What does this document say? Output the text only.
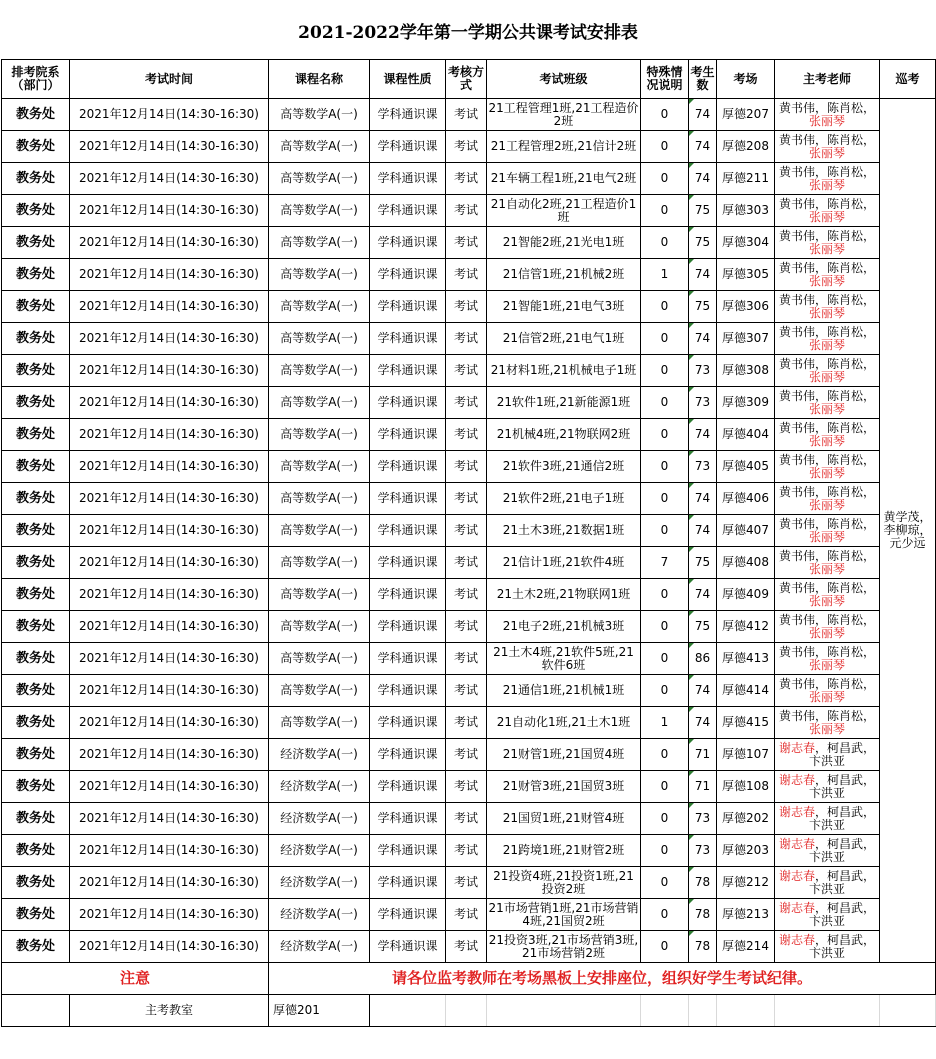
2021-2022学年第一学期公共课考试安排表
排考院系（部门）	考试时间	课程名称	课程性质	考核方式	考试班级	特殊情况说明	考生数	考场	主考老师	巡考
教务处	2021年12月14日(14:30-16:30)	高等数学A(一)	学科通识课	考试	21工程管理1班,21工程造价2班	0	74	厚德207	黄书伟，陈肖松，张丽琴	黄学茂，李柳琼，元少远
教务处	2021年12月14日(14:30-16:30)	高等数学A(一)	学科通识课	考试	21工程管理2班,21信计2班	0	74	厚德208	黄书伟，陈肖松，张丽琴	
教务处	2021年12月14日(14:30-16:30)	高等数学A(一)	学科通识课	考试	21车辆工程1班,21电气2班	0	74	厚德211	黄书伟，陈肖松，张丽琴	
教务处	2021年12月14日(14:30-16:30)	高等数学A(一)	学科通识课	考试	21自动化2班,21工程造价1班	0	75	厚德303	黄书伟，陈肖松，张丽琴	
教务处	2021年12月14日(14:30-16:30)	高等数学A(一)	学科通识课	考试	21智能2班,21光电1班	0	75	厚德304	黄书伟，陈肖松，张丽琴	
教务处	2021年12月14日(14:30-16:30)	高等数学A(一)	学科通识课	考试	21信管1班,21机械2班	1	74	厚德305	黄书伟，陈肖松，张丽琴	
教务处	2021年12月14日(14:30-16:30)	高等数学A(一)	学科通识课	考试	21智能1班,21电气3班	0	75	厚德306	黄书伟，陈肖松，张丽琴	
教务处	2021年12月14日(14:30-16:30)	高等数学A(一)	学科通识课	考试	21信管2班,21电气1班	0	74	厚德307	黄书伟，陈肖松，张丽琴	
教务处	2021年12月14日(14:30-16:30)	高等数学A(一)	学科通识课	考试	21材料1班,21机械电子1班	0	73	厚德308	黄书伟，陈肖松，张丽琴	
教务处	2021年12月14日(14:30-16:30)	高等数学A(一)	学科通识课	考试	21软件1班,21新能源1班	0	73	厚德309	黄书伟，陈肖松，张丽琴	
教务处	2021年12月14日(14:30-16:30)	高等数学A(一)	学科通识课	考试	21机械4班,21物联网2班	0	74	厚德404	黄书伟，陈肖松，张丽琴	
教务处	2021年12月14日(14:30-16:30)	高等数学A(一)	学科通识课	考试	21软件3班,21通信2班	0	73	厚德405	黄书伟，陈肖松，张丽琴	
教务处	2021年12月14日(14:30-16:30)	高等数学A(一)	学科通识课	考试	21软件2班,21电子1班	0	74	厚德406	黄书伟，陈肖松，张丽琴	
教务处	2021年12月14日(14:30-16:30)	高等数学A(一)	学科通识课	考试	21土木3班,21数据1班	0	74	厚德407	黄书伟，陈肖松，张丽琴	
教务处	2021年12月14日(14:30-16:30)	高等数学A(一)	学科通识课	考试	21信计1班,21软件4班	7	75	厚德408	黄书伟，陈肖松，张丽琴	
教务处	2021年12月14日(14:30-16:30)	高等数学A(一)	学科通识课	考试	21土木2班,21物联网1班	0	74	厚德409	黄书伟，陈肖松，张丽琴	
教务处	2021年12月14日(14:30-16:30)	高等数学A(一)	学科通识课	考试	21电子2班,21机械3班	0	75	厚德412	黄书伟，陈肖松，张丽琴	
教务处	2021年12月14日(14:30-16:30)	高等数学A(一)	学科通识课	考试	21土木4班,21软件5班,21软件6班	0	86	厚德413	黄书伟，陈肖松，张丽琴	
教务处	2021年12月14日(14:30-16:30)	高等数学A(一)	学科通识课	考试	21通信1班,21机械1班	0	74	厚德414	黄书伟，陈肖松，张丽琴	
教务处	2021年12月14日(14:30-16:30)	高等数学A(一)	学科通识课	考试	21自动化1班,21土木1班	1	74	厚德415	黄书伟，陈肖松，张丽琴	
教务处	2021年12月14日(14:30-16:30)	经济数学A(一)	学科通识课	考试	21财管1班,21国贸4班	0	71	厚德107	谢志春，柯昌武，卞洪亚	
教务处	2021年12月14日(14:30-16:30)	经济数学A(一)	学科通识课	考试	21财管3班,21国贸3班	0	71	厚德108	谢志春，柯昌武，卞洪亚	
教务处	2021年12月14日(14:30-16:30)	经济数学A(一)	学科通识课	考试	21国贸1班,21财管4班	0	73	厚德202	谢志春，柯昌武，卞洪亚	
教务处	2021年12月14日(14:30-16:30)	经济数学A(一)	学科通识课	考试	21跨境1班,21财管2班	0	73	厚德203	谢志春，柯昌武，卞洪亚	
教务处	2021年12月14日(14:30-16:30)	经济数学A(一)	学科通识课	考试	21投资4班,21投资1班,21投资2班	0	78	厚德212	谢志春，柯昌武，卞洪亚	
教务处	2021年12月14日(14:30-16:30)	经济数学A(一)	学科通识课	考试	21市场营销1班,21市场营销4班,21国贸2班	0	78	厚德213	谢志春，柯昌武，卞洪亚	
教务处	2021年12月14日(14:30-16:30)	经济数学A(一)	学科通识课	考试	21投资3班,21市场营销3班,21市场营销2班	0	78	厚德214	谢志春，柯昌武，卞洪亚	
注意		请各位监考教师在考场黑板上安排座位，组织好学生考试纪律。								
	主考教室	厚德201								
